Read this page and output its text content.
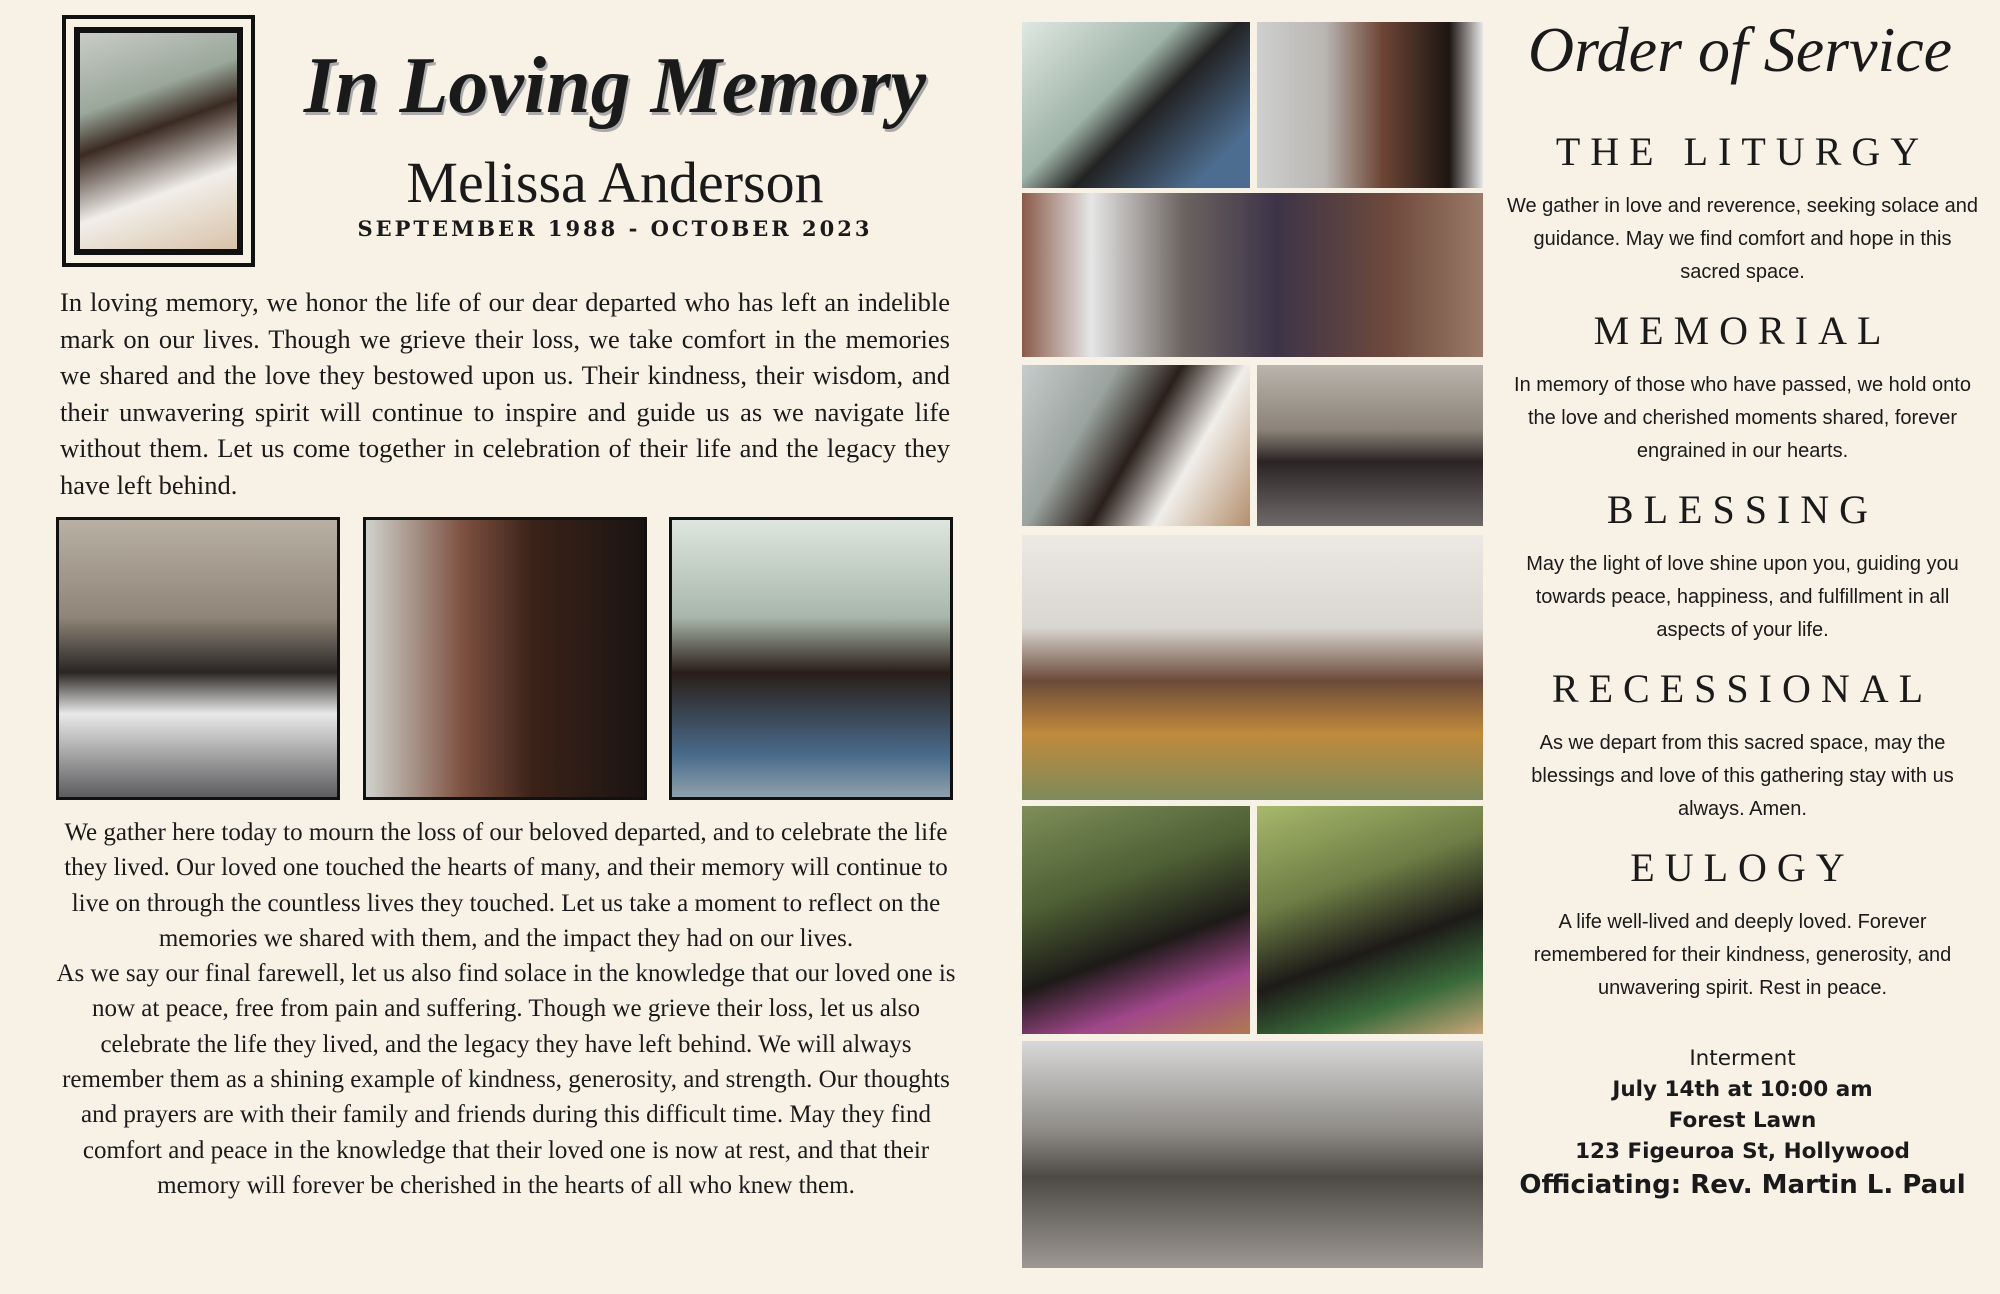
In Loving Memory
Melissa Anderson
SEPTEMBER 1988 - OCTOBER 2023
In loving memory, we honor the life of our dear departed who has left an indelible mark on our lives. Though we grieve their loss, we take comfort in the memories we shared and the love they bestowed upon us. Their kindness, their wisdom, and their unwavering spirit will continue to inspire and guide us as we navigate life without them. Let us come together in celebration of their life and the legacy they have left behind.
We gather here today to mourn the loss of our beloved departed, and to celebrate the life they lived. Our loved one touched the hearts of many, and their memory will continue to live on through the countless lives they touched. Let us take a moment to reflect on the memories we shared with them, and the impact they had on our lives.
As we say our final farewell, let us also find solace in the knowledge that our loved one is now at peace, free from pain and suffering. Though we grieve their loss, let us also celebrate the life they lived, and the legacy they have left behind. We will always remember them as a shining example of kindness, generosity, and strength. Our thoughts and prayers are with their family and friends during this difficult time. May they find comfort and peace in the knowledge that their loved one is now at rest, and that their memory will forever be cherished in the hearts of all who knew them.
Order of Service
THE LITURGY
We gather in love and reverence, seeking solace and guidance. May we find comfort and hope in this sacred space.
MEMORIAL
In memory of those who have passed, we hold onto the love and cherished moments shared, forever engrained in our hearts.
BLESSING
May the light of love shine upon you, guiding you towards peace, happiness, and fulfillment in all aspects of your life.
RECESSIONAL
As we depart from this sacred space, may the blessings and love of this gathering stay with us always. Amen.
EULOGY
A life well-lived and deeply loved. Forever remembered for their kindness, generosity, and unwavering spirit. Rest in peace.
Interment
July 14th at 10:00 am
Forest Lawn
123 Figeuroa St, Hollywood
Officiating: Rev. Martin L. Paul
